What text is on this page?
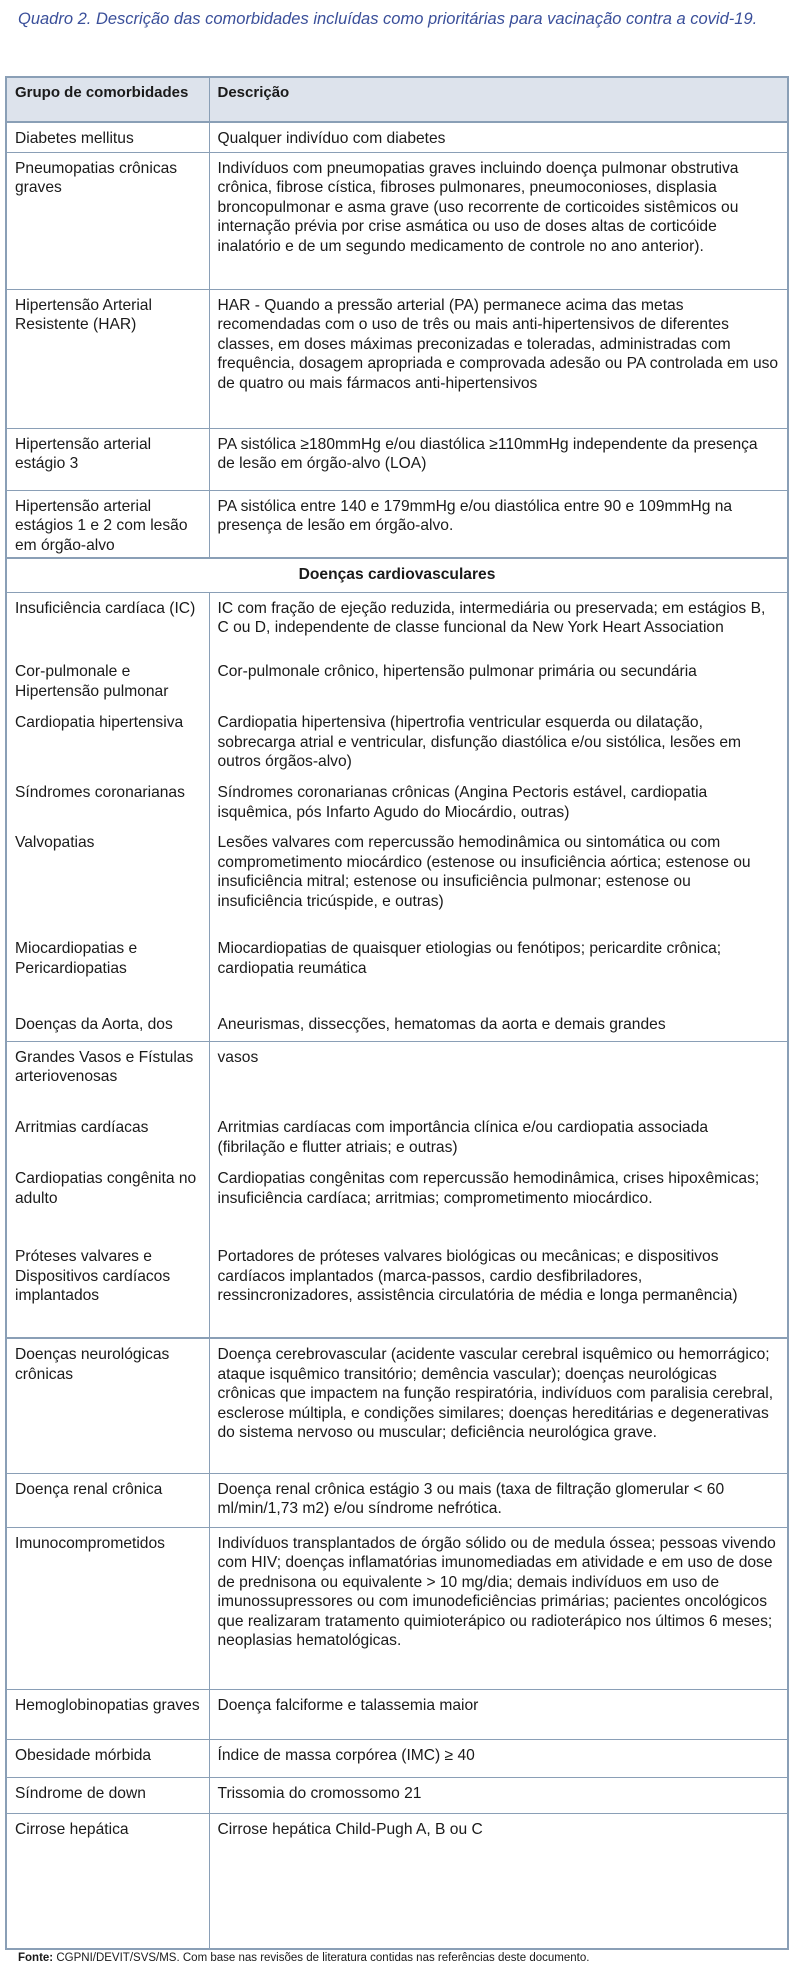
Quadro 2. Descrição das comorbidades incluídas como prioritárias para vacinação contra a covid-19.
Grupo de comorbidades	Descrição
Diabetes mellitus	Qualquer indivíduo com diabetes
Pneumopatias crônicas graves	Indivíduos com pneumopatias graves incluindo doença pulmonar obstrutiva crônica, fibrose cística, fibroses pulmonares, pneumoconioses, displasia broncopulmonar e asma grave (uso recorrente de corticoides sistêmicos ou internação prévia por crise asmática ou uso de doses altas de corticóide inalatório e de um segundo medicamento de controle no ano anterior).
Hipertensão Arterial Resistente (HAR)	HAR - Quando a pressão arterial (PA) permanece acima das metas recomendadas com o uso de três ou mais anti-hipertensivos de diferentes classes, em doses máximas preconizadas e toleradas, administradas com frequência, dosagem apropriada e comprovada adesão ou PA controlada em uso de quatro ou mais fármacos anti-hipertensivos
Hipertensão arterial estágio 3	PA sistólica ≥180mmHg e/ou diastólica ≥110mmHg independente da presença de lesão em órgão-alvo (LOA)
Hipertensão arterial estágios 1 e 2 com lesão em órgão-alvo	PA sistólica entre 140 e 179mmHg e/ou diastólica entre 90 e 109mmHg na presença de lesão em órgão-alvo.
Doenças cardiovasculares	
Insuficiência cardíaca (IC)	IC com fração de ejeção reduzida, intermediária ou preservada; em estágios B, C ou D, independente de classe funcional da New York Heart Association
Cor-pulmonale e Hipertensão pulmonar	Cor-pulmonale crônico, hipertensão pulmonar primária ou secundária
Cardiopatia hipertensiva	Cardiopatia hipertensiva (hipertrofia ventricular esquerda ou dilatação, sobrecarga atrial e ventricular, disfunção diastólica e/ou sistólica, lesões em outros órgãos-alvo)
Síndromes coronarianas	Síndromes coronarianas crônicas (Angina Pectoris estável, cardiopatia isquêmica, pós Infarto Agudo do Miocárdio, outras)
Valvopatias	Lesões valvares com repercussão hemodinâmica ou sintomática ou com comprometimento miocárdico (estenose ou insuficiência aórtica; estenose ou insuficiência mitral; estenose ou insuficiência pulmonar; estenose ou insuficiência tricúspide, e outras)
Miocardiopatias e Pericardiopatias	Miocardiopatias de quaisquer etiologias ou fenótipos; pericardite crônica; cardiopatia reumática
Doenças da Aorta, dos	Aneurismas, dissecções, hematomas da aorta e demais grandes
Grandes Vasos e Fístulas arteriovenosas	vasos
Arritmias cardíacas	Arritmias cardíacas com importância clínica e/ou cardiopatia associada (fibrilação e flutter atriais; e outras)
Cardiopatias congênita no adulto	Cardiopatias congênitas com repercussão hemodinâmica, crises hipoxêmicas; insuficiência cardíaca; arritmias; comprometimento miocárdico.
Próteses valvares e Dispositivos cardíacos implantados	Portadores de próteses valvares biológicas ou mecânicas; e dispositivos cardíacos implantados (marca-passos, cardio desfibriladores, ressincronizadores, assistência circulatória de média e longa permanência)
Doenças neurológicas crônicas	Doença cerebrovascular (acidente vascular cerebral isquêmico ou hemorrágico; ataque isquêmico transitório; demência vascular); doenças neurológicas crônicas que impactem na função respiratória, indivíduos com paralisia cerebral, esclerose múltipla, e condições similares; doenças hereditárias e degenerativas do sistema nervoso ou muscular; deficiência neurológica grave.
Doença renal crônica	Doença renal crônica estágio 3 ou mais (taxa de filtração glomerular < 60 ml/min/1,73 m2) e/ou síndrome nefrótica.
Imunocomprometidos	Indivíduos transplantados de órgão sólido ou de medula óssea; pessoas vivendo com HIV; doenças inflamatórias imunomediadas em atividade e em uso de dose de prednisona ou equivalente > 10 mg/dia; demais indivíduos em uso de imunossupressores ou com imunodeficiências primárias; pacientes oncológicos que realizaram tratamento quimioterápico ou radioterápico nos últimos 6 meses; neoplasias hematológicas.
Hemoglobinopatias graves	Doença falciforme e talassemia maior
Obesidade mórbida	Índice de massa corpórea (IMC) ≥ 40
Síndrome de down	Trissomia do cromossomo 21
Cirrose hepática	Cirrose hepática Child-Pugh A, B ou C
Fonte: CGPNI/DEVIT/SVS/MS. Com base nas revisões de literatura contidas nas referências deste documento.
